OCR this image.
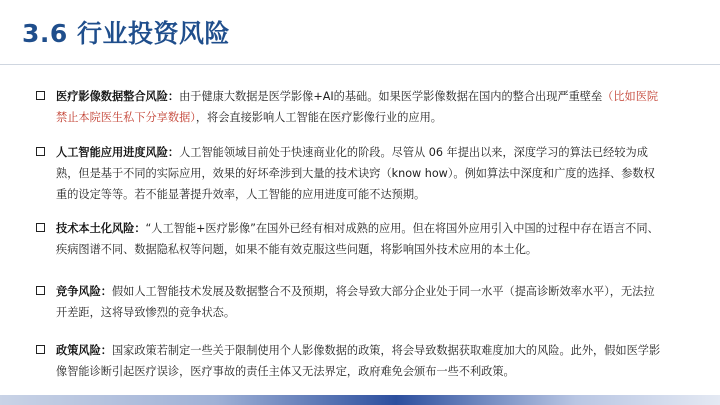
3.6 行业投资风险
医疗影像数据整合风险：由于健康大数据是医学影像+AI的基础。如果医学影像数据在国内的整合出现严重壁垒（比如医院禁止本院医生私下分享数据），将会直接影响人工智能在医疗影像行业的应用。
人工智能应用进度风险：人工智能领域目前处于快速商业化的阶段。尽管从 06 年提出以来，深度学习的算法已经较为成熟，但是基于不同的实际应用，效果的好坏牵涉到大量的技术诀窍（know how）。例如算法中深度和广度的选择、参数权重的设定等等。若不能显著提升效率，人工智能的应用进度可能不达预期。
技术本土化风险：“人工智能+医疗影像”在国外已经有相对成熟的应用。但在将国外应用引入中国的过程中存在语言不同、疾病图谱不同、数据隐私权等问题，如果不能有效克服这些问题，将影响国外技术应用的本土化。
竞争风险：假如人工智能技术发展及数据整合不及预期，将会导致大部分企业处于同一水平（提高诊断效率水平），无法拉开差距，这将导致惨烈的竞争状态。
政策风险：国家政策若制定一些关于限制使用个人影像数据的政策，将会导致数据获取难度加大的风险。此外，假如医学影像智能诊断引起医疗误诊，医疗事故的责任主体又无法界定，政府难免会颁布一些不利政策。
